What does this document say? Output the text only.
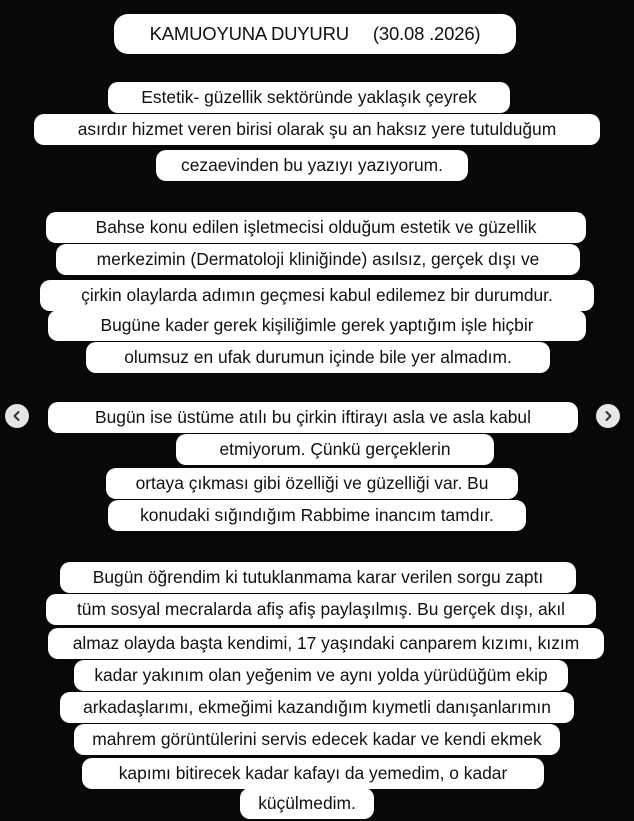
KAMUOYUNA DUYURU (30.08 .2026)
Estetik- güzellik sektöründe yaklaşık çeyrek
asırdır hizmet veren birisi olarak şu an haksız yere tutulduğum
cezaevinden bu yazıyı yazıyorum.
Bahse konu edilen işletmecisi olduğum estetik ve güzellik
merkezimin (Dermatoloji kliniğinde) asılsız, gerçek dışı ve
çirkin olaylarda adımın geçmesi kabul edilemez bir durumdur.
Bugüne kader gerek kişiliğimle gerek yaptığım işle hiçbir
olumsuz en ufak durumun içinde bile yer almadım.
Bugün ise üstüme atılı bu çirkin iftirayı asla ve asla kabul
etmiyorum. Çünkü gerçeklerin
ortaya çıkması gibi özelliği ve güzelliği var. Bu
konudaki sığındığım Rabbime inancım tamdır.
Bugün öğrendim ki tutuklanmama karar verilen sorgu zaptı
tüm sosyal mecralarda afiş afiş paylaşılmış. Bu gerçek dışı, akıl
almaz olayda başta kendimi, 17 yaşındaki canparem kızımı, kızım
kadar yakınım olan yeğenim ve aynı yolda yürüdüğüm ekip
arkadaşlarımı, ekmeğimi kazandığım kıymetli danışanlarımın
mahrem görüntülerini servis edecek kadar ve kendi ekmek
kapımı bitirecek kadar kafayı da yemedim, o kadar
küçülmedim.
